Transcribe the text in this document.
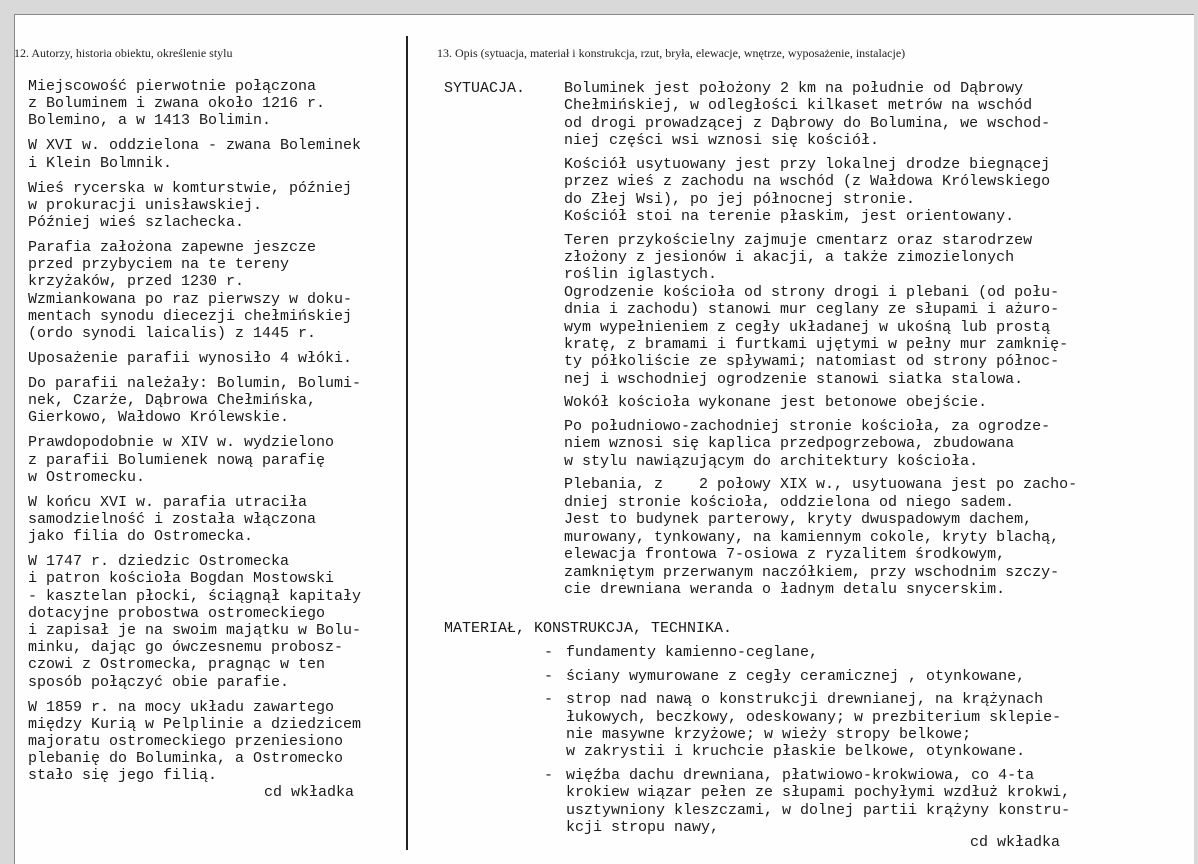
12. Autorzy, historia obiektu, określenie stylu	13. Opis (sytuacja, materiał i konstrukcja, rzut, bryła, elewacje, wnętrze, wyposażenie, instalacje)

Miejscowość pierwotnie połączona
z Boluminem i zwana około 1216 r.
Bolemino, a w 1413 Bolimin.

W XVI w. oddzielona - zwana Boleminek
i Klein Bolmnik.

Wieś rycerska w komturstwie, później
w prokuracji unisławskiej.
Później wieś szlachecka.

Parafia założona zapewne jeszcze
przed przybyciem na te tereny
krzyżaków, przed 1230 r.
Wzmiankowana po raz pierwszy w doku-
mentach synodu diecezji chełmińskiej
(ordo synodi laicalis) z 1445 r.

Uposażenie parafii wynosiło 4 włóki.

Do parafii należały: Bolumin, Bolumi-
nek, Czarże, Dąbrowa Chełmińska,
Gierkowo, Wałdowo Królewskie.

Prawdopodobnie w XIV w. wydzielono
z parafii Bolumienek nową parafię
w Ostromecku.

W końcu XVI w. parafia utraciła
samodzielność i została włączona
jako filia do Ostromecka.

W 1747 r. dziedzic Ostromecka
i patron kościoła Bogdan Mostowski
- kasztelan płocki, ściągnął kapitały
dotacyjne probostwa ostromeckiego
i zapisał je na swoim majątku w Bolu-
minku, dając go ówczesnemu probosz-
czowi z Ostromecka, pragnąc w ten
sposób połączyć obie parafie.

W 1859 r. na mocy układu zawartego
między Kurią w Pelplinie a dziedzicem
majoratu ostromeckiego przeniesiono
plebanię do Boluminka, a Ostromecko
stało się jego filią.

cd wkładka

SYTUACJA.	Boluminek jest położony 2 km na południe od Dąbrowy
Chełmińskiej, w odległości kilkaset metrów na wschód
od drogi prowadzącej z Dąbrowy do Bolumina, we wschod-
niej części wsi wznosi się kościół.

Kościół usytuowany jest przy lokalnej drodze biegnącej
przez wieś z zachodu na wschód (z Wałdowa Królewskiego
do Złej Wsi), po jej północnej stronie.
Kościół stoi na terenie płaskim, jest orientowany.

Teren przykościelny zajmuje cmentarz oraz starodrzew
złożony z jesionów i akacji, a także zimozielonych
roślin iglastych.
Ogrodzenie kościoła od strony drogi i plebani (od połu-
dnia i zachodu) stanowi mur ceglany ze słupami i ażuro-
wym wypełnieniem z cegły układanej w ukośną lub prostą
kratę, z bramami i furtkami ujętymi w pełny mur zamknię-
ty półkoliście ze spływami; natomiast od strony północ-
nej i wschodniej ogrodzenie stanowi siatka stalowa.

Wokół kościoła wykonane jest betonowe obejście.

Po południowo-zachodniej stronie kościoła, za ogrodze-
niem wznosi się kaplica przedpogrzebowa, zbudowana
w stylu nawiązującym do architektury kościoła.

Plebania, z    2 połowy XIX w., usytuowana jest po zacho-
dniej stronie kościoła, oddzielona od niego sadem.
Jest to budynek parterowy, kryty dwuspadowym dachem,
murowany, tynkowany, na kamiennym cokole, kryty blachą,
elewacja frontowa 7-osiowa z ryzalitem środkowym,
zamkniętym przerwanym naczółkiem, przy wschodnim szczy-
cie drewniana weranda o ładnym detalu snycerskim.

MATERIAŁ, KONSTRUKCJA, TECHNIKA.
- fundamenty kamienno-ceglane,
- ściany wymurowane z cegły ceramicznej , otynkowane,
- strop nad nawą o konstrukcji drewnianej, na krążynach
łukowych, beczkowy, odeskowany; w prezbiterium sklepie-
nie masywne krzyżowe; w wieży stropy belkowe;
w zakrystii i kruchcie płaskie belkowe, otynkowane.
- więźba dachu drewniana, płatwiowo-krokwiowa, co 4-ta
krokiew wiązar pełen ze słupami pochyłymi wzdłuż krokwi,
usztywniony kleszczami, w dolnej partii krążyny konstru-
kcji stropu nawy,
cd wkładka
